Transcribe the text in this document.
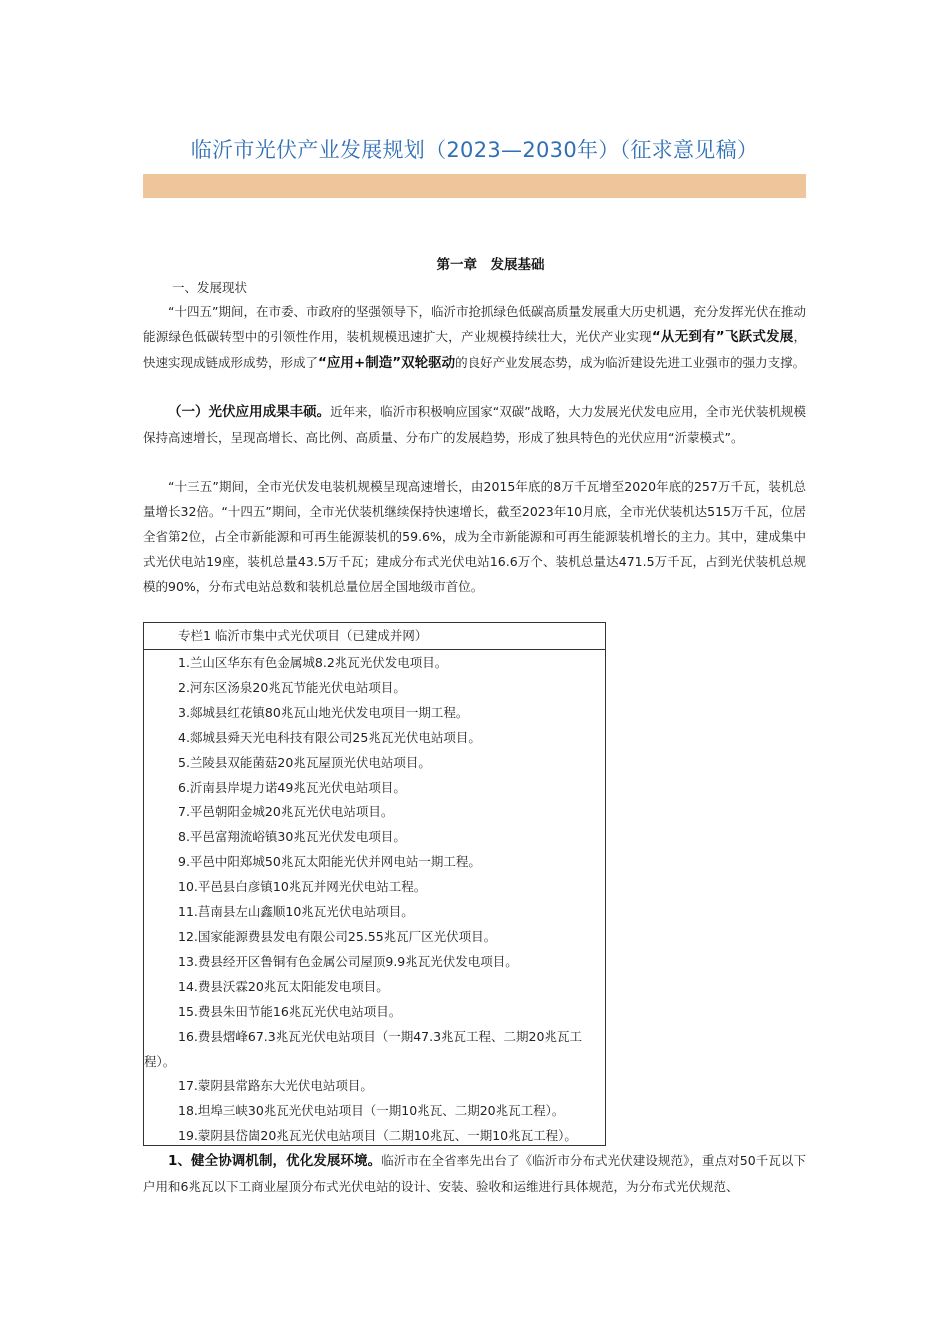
临沂市光伏产业发展规划（2023—2030年）（征求意见稿）
第一章　发展基础
一、发展现状

“十四五”期间，在市委、市政府的坚强领导下，临沂市抢抓绿色低碳高质量发展重大历史机遇，充分发挥光伏在推动能源绿色低碳转型中的引领性作用，装机规模迅速扩大，产业规模持续壮大，光伏产业实现“从无到有”飞跃式发展，快速实现成链成形成势，形成了“应用+制造”双轮驱动的良好产业发展态势，成为临沂建设先进工业强市的强力支撑。

（一）光伏应用成果丰硕。近年来，临沂市积极响应国家“双碳”战略，大力发展光伏发电应用，全市光伏装机规模保持高速增长，呈现高增长、高比例、高质量、分布广的发展趋势，形成了独具特色的光伏应用“沂蒙模式”。

“十三五”期间，全市光伏发电装机规模呈现高速增长，由2015年底的8万千瓦增至2020年底的257万千瓦，装机总量增长32倍。“十四五”期间，全市光伏装机继续保持快速增长，截至2023年10月底，全市光伏装机达515万千瓦，位居全省第2位，占全市新能源和可再生能源装机的59.6%，成为全市新能源和可再生能源装机增长的主力。其中，建成集中式光伏电站19座，装机总量43.5万千瓦；建成分布式光伏电站16.6万个、装机总量达471.5万千瓦，占到光伏装机总规模的90%，分布式电站总数和装机总量位居全国地级市首位。

专栏1 临沂市集中式光伏项目（已建成并网）
1.兰山区华东有色金属城8.2兆瓦光伏发电项目。
2.河东区汤泉20兆瓦节能光伏电站项目。
3.郯城县红花镇80兆瓦山地光伏发电项目一期工程。
4.郯城县舜天光电科技有限公司25兆瓦光伏电站项目。
5.兰陵县双能菌菇20兆瓦屋顶光伏电站项目。
6.沂南县岸堤力诺49兆瓦光伏电站项目。
7.平邑朝阳金城20兆瓦光伏电站项目。
8.平邑富翔流峪镇30兆瓦光伏发电项目。
9.平邑中阳郑城50兆瓦太阳能光伏并网电站一期工程。
10.平邑县白彦镇10兆瓦并网光伏电站工程。
11.莒南县左山鑫顺10兆瓦光伏电站项目。
12.国家能源费县发电有限公司25.55兆瓦厂区光伏项目。
13.费县经开区鲁铜有色金属公司屋顶9.9兆瓦光伏发电项目。
14.费县沃霖20兆瓦太阳能发电项目。
15.费县朱田节能16兆瓦光伏电站项目。
16.费县熠峰67.3兆瓦光伏电站项目（一期47.3兆瓦工程、二期20兆瓦工程）。
17.蒙阴县常路东大光伏电站项目。
18.坦埠三峡30兆瓦光伏电站项目（一期10兆瓦、二期20兆瓦工程）。
19.蒙阴县岱崮20兆瓦光伏电站项目（二期10兆瓦、一期10兆瓦工程）。

1、健全协调机制，优化发展环境。临沂市在全省率先出台了《临沂市分布式光伏建设规范》，重点对50千瓦以下户用和6兆瓦以下工商业屋顶分布式光伏电站的设计、安装、验收和运维进行具体规范，为分布式光伏规范、
